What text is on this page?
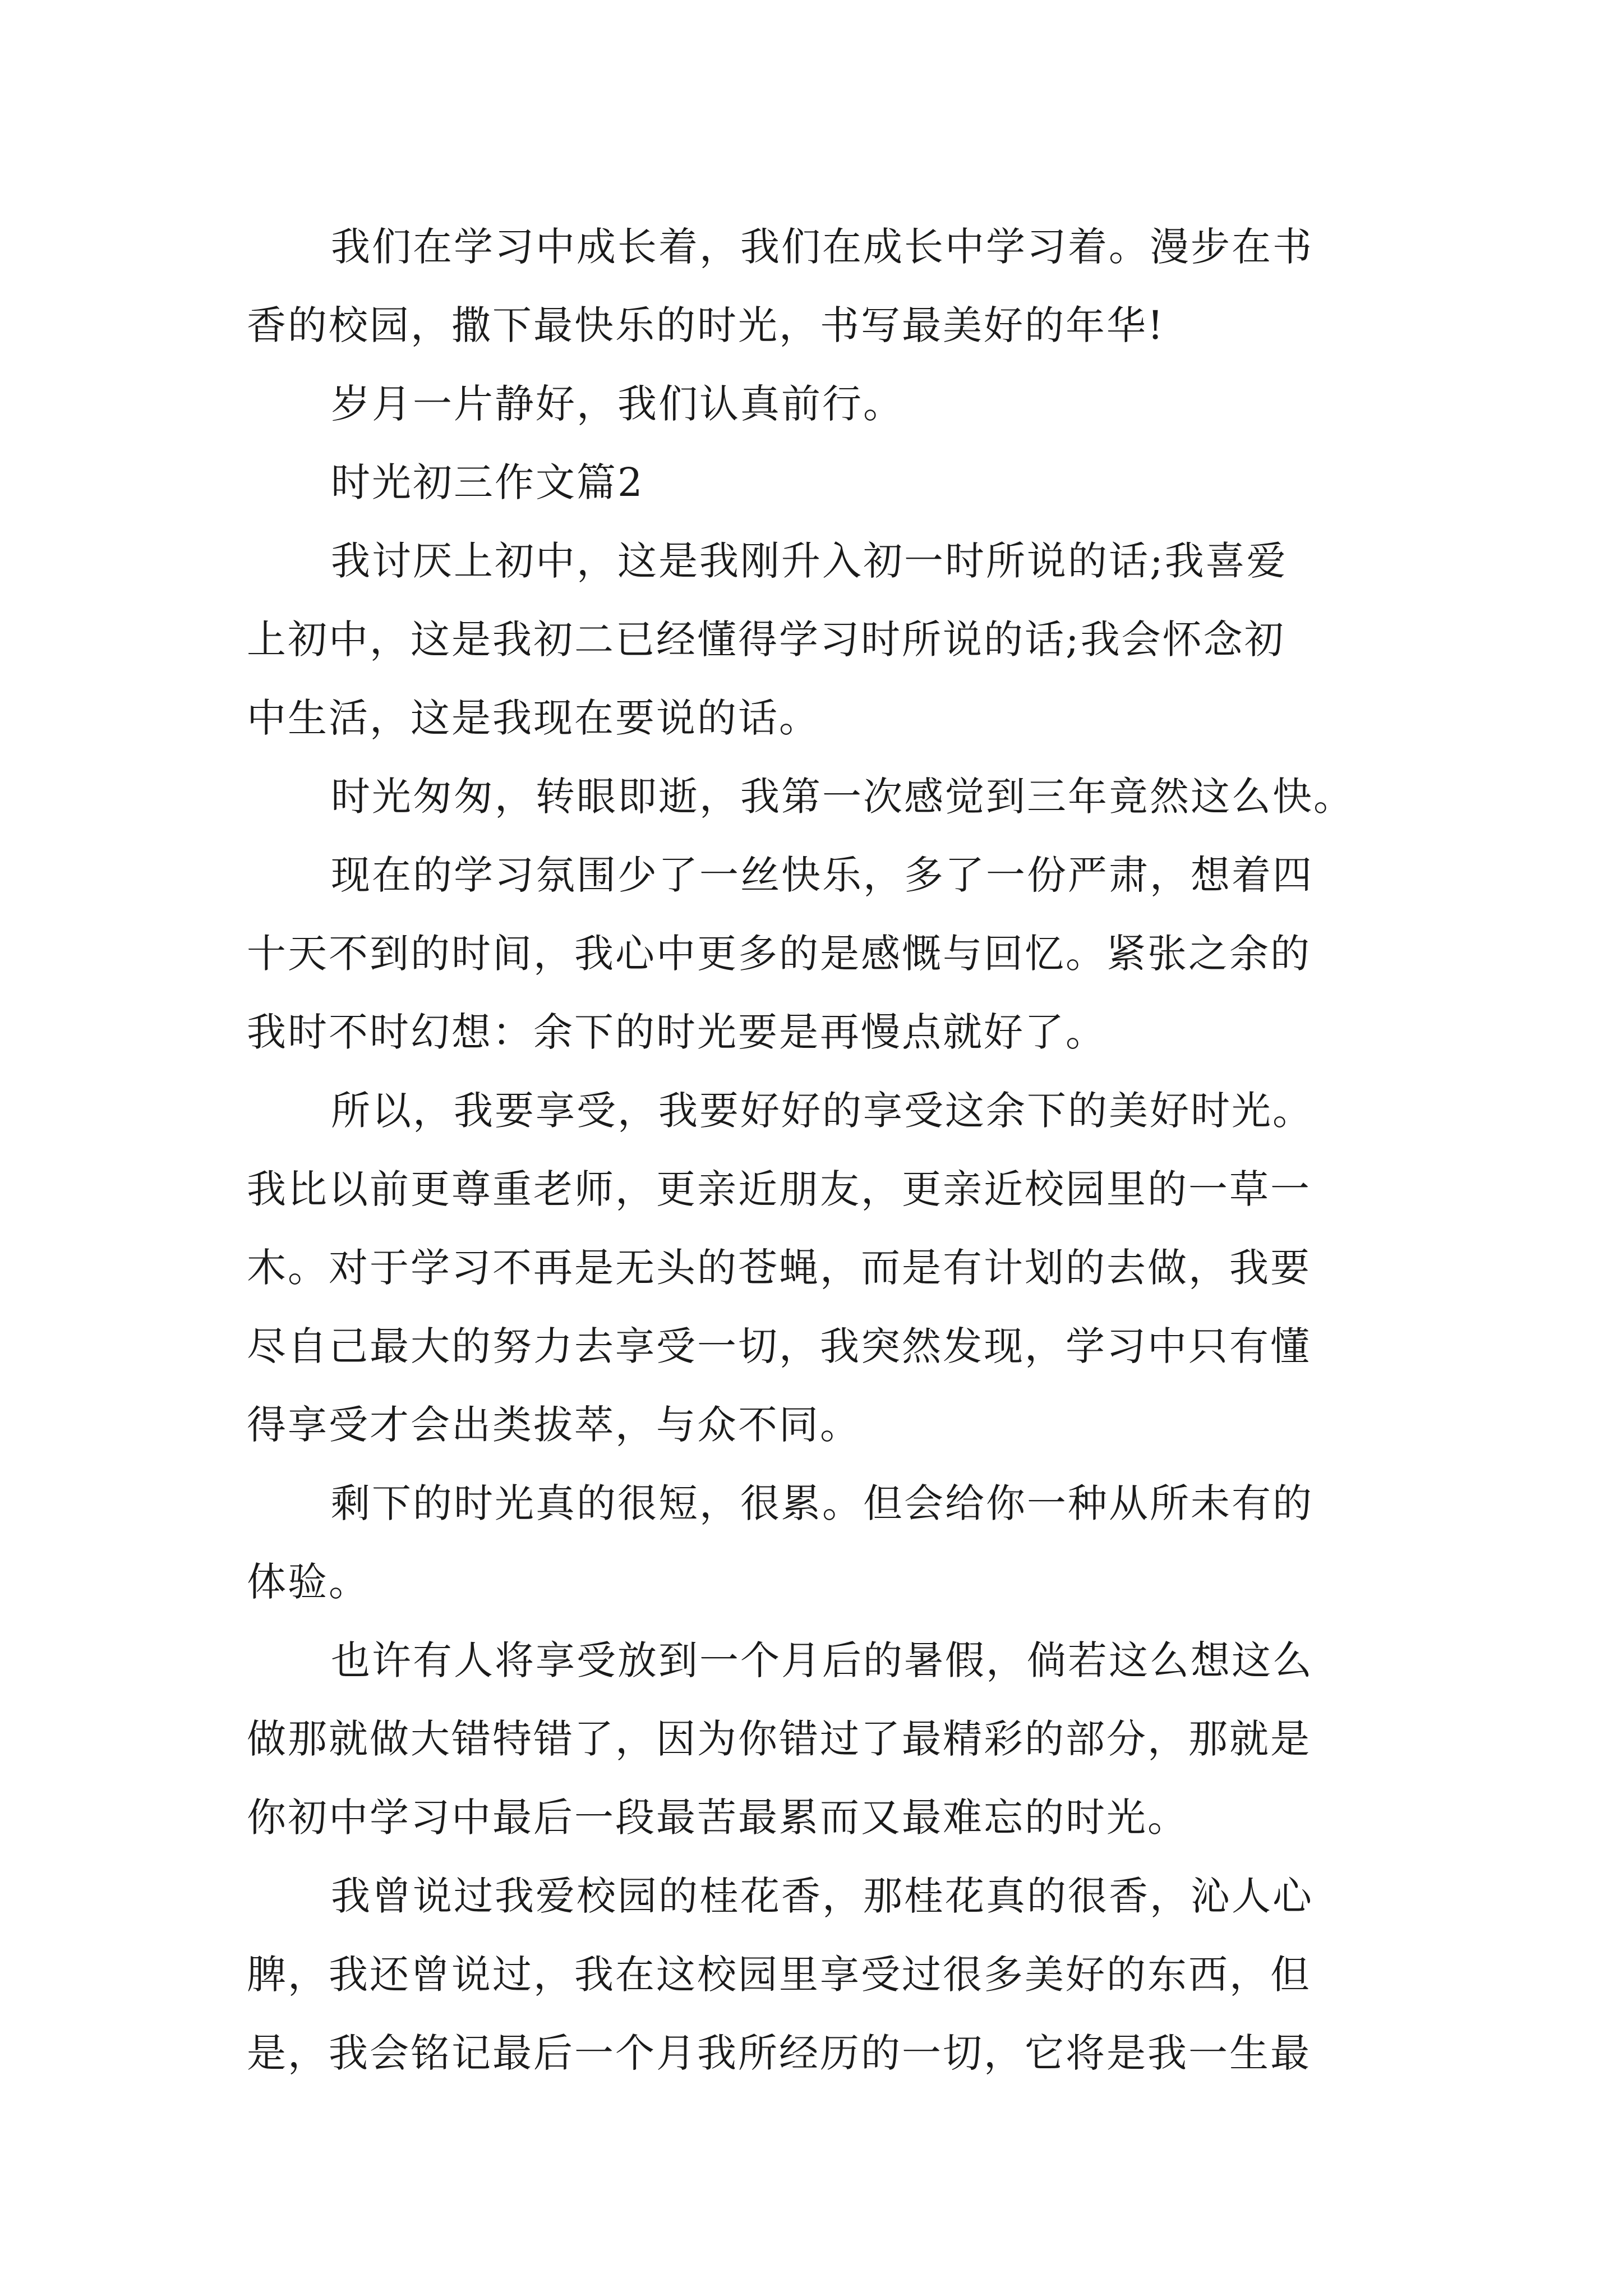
我们在学习中成长着，我们在成长中学习着。漫步在书
香的校园，撒下最快乐的时光，书写最美好的年华!
岁月一片静好，我们认真前行。
时光初三作文篇2
我讨厌上初中，这是我刚升入初一时所说的话;我喜爱
上初中，这是我初二已经懂得学习时所说的话;我会怀念初
中生活，这是我现在要说的话。
时光匆匆，转眼即逝，我第一次感觉到三年竟然这么快。
现在的学习氛围少了一丝快乐，多了一份严肃，想着四
十天不到的时间，我心中更多的是感慨与回忆。紧张之余的
我时不时幻想：余下的时光要是再慢点就好了。
所以，我要享受，我要好好的享受这余下的美好时光。
我比以前更尊重老师，更亲近朋友，更亲近校园里的一草一
木。对于学习不再是无头的苍蝇，而是有计划的去做，我要
尽自己最大的努力去享受一切，我突然发现，学习中只有懂
得享受才会出类拔萃，与众不同。
剩下的时光真的很短，很累。但会给你一种从所未有的
体验。
也许有人将享受放到一个月后的暑假，倘若这么想这么
做那就做大错特错了，因为你错过了最精彩的部分，那就是
你初中学习中最后一段最苦最累而又最难忘的时光。
我曾说过我爱校园的桂花香，那桂花真的很香，沁人心
脾，我还曾说过，我在这校园里享受过很多美好的东西，但
是，我会铭记最后一个月我所经历的一切，它将是我一生最
